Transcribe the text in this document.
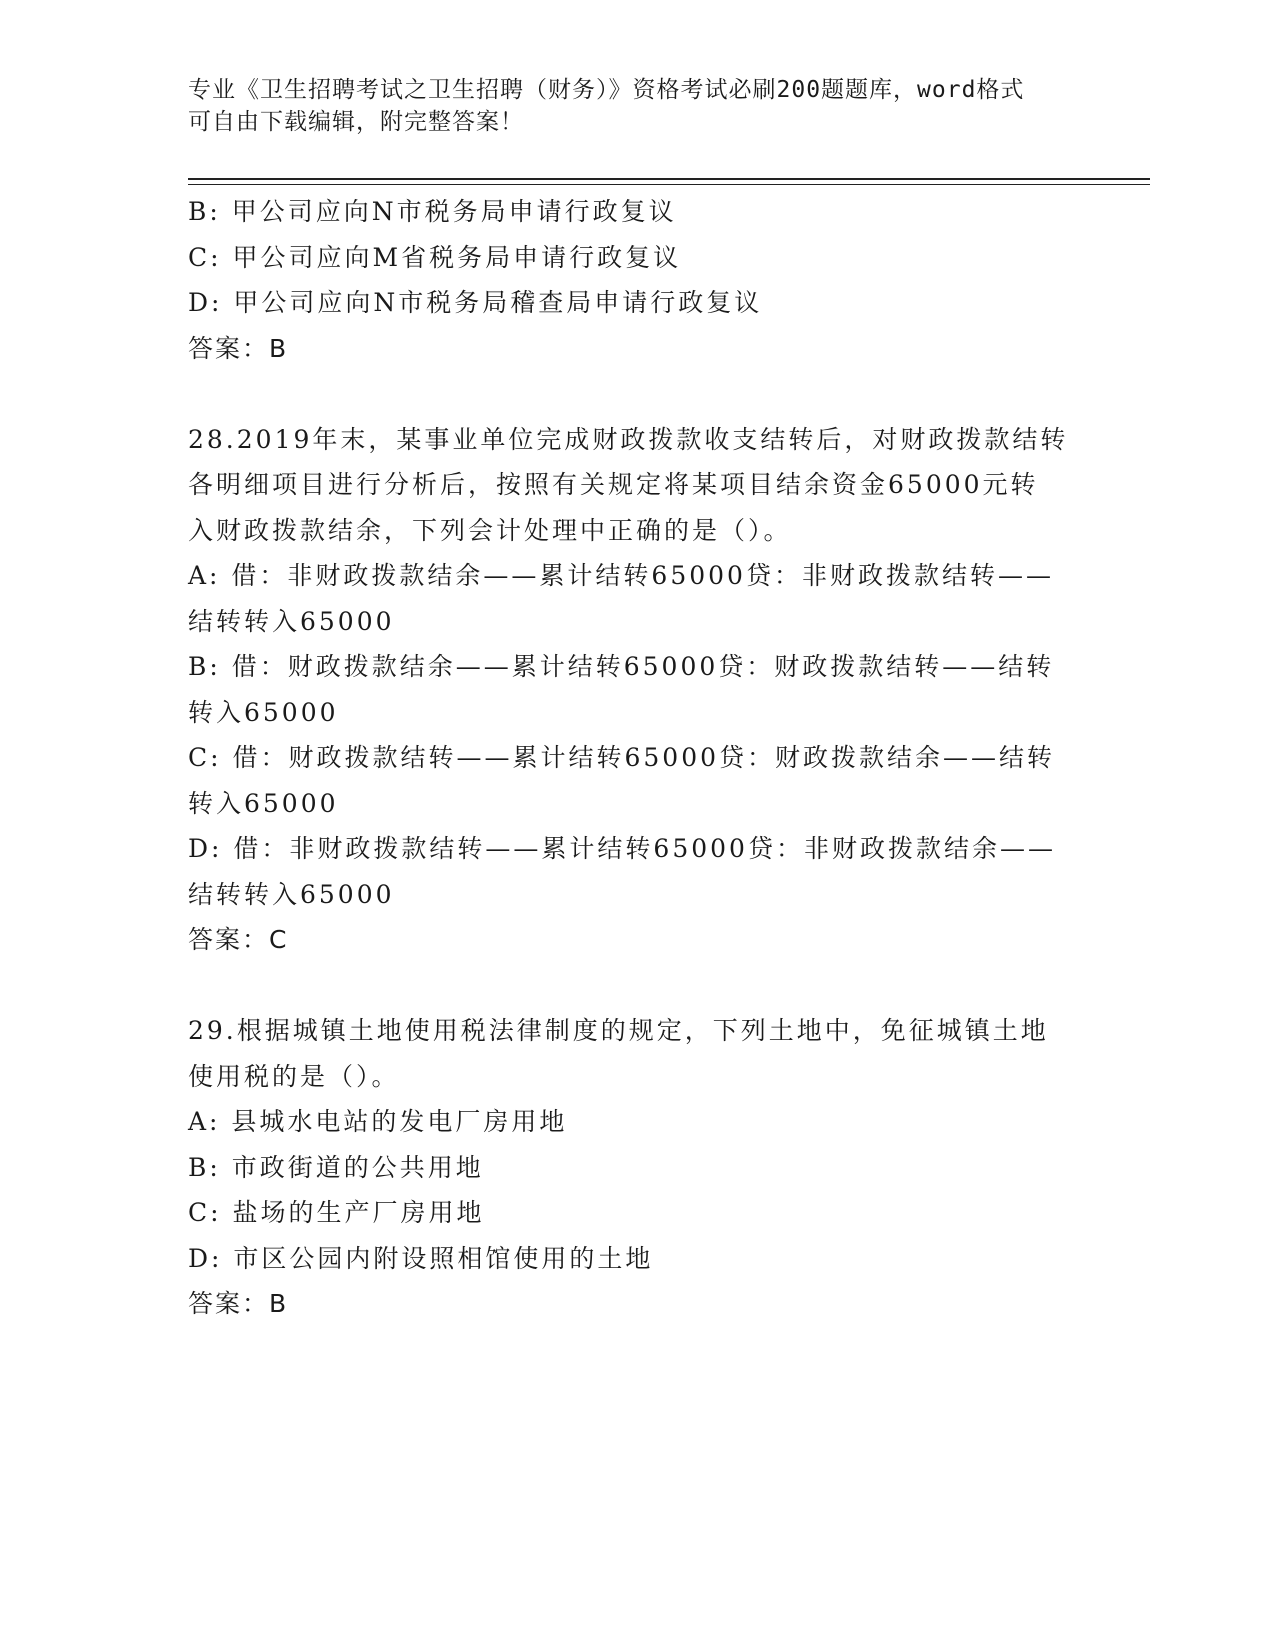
专业《卫生招聘考试之卫生招聘（财务）》资格考试必刷200题题库，word格式

可自由下载编辑，附完整答案！

B: 甲公司应向N市税务局申请行政复议

C: 甲公司应向M省税务局申请行政复议

D: 甲公司应向N市税务局稽查局申请行政复议

答案：B

28.2019年末，某事业单位完成财政拨款收支结转后，对财政拨款结转

各明细项目进行分析后，按照有关规定将某项目结余资金65000元转

入财政拨款结余，下列会计处理中正确的是（）。

A: 借：非财政拨款结余——累计结转65000贷：非财政拨款结转——

结转转入65000

B: 借：财政拨款结余——累计结转65000贷：财政拨款结转——结转

转入65000

C: 借：财政拨款结转——累计结转65000贷：财政拨款结余——结转

转入65000

D: 借：非财政拨款结转——累计结转65000贷：非财政拨款结余——

结转转入65000

答案：C

29.根据城镇土地使用税法律制度的规定，下列土地中，免征城镇土地

使用税的是（）。

A: 县城水电站的发电厂房用地

B: 市政街道的公共用地

C: 盐场的生产厂房用地

D: 市区公园内附设照相馆使用的土地

答案：B
